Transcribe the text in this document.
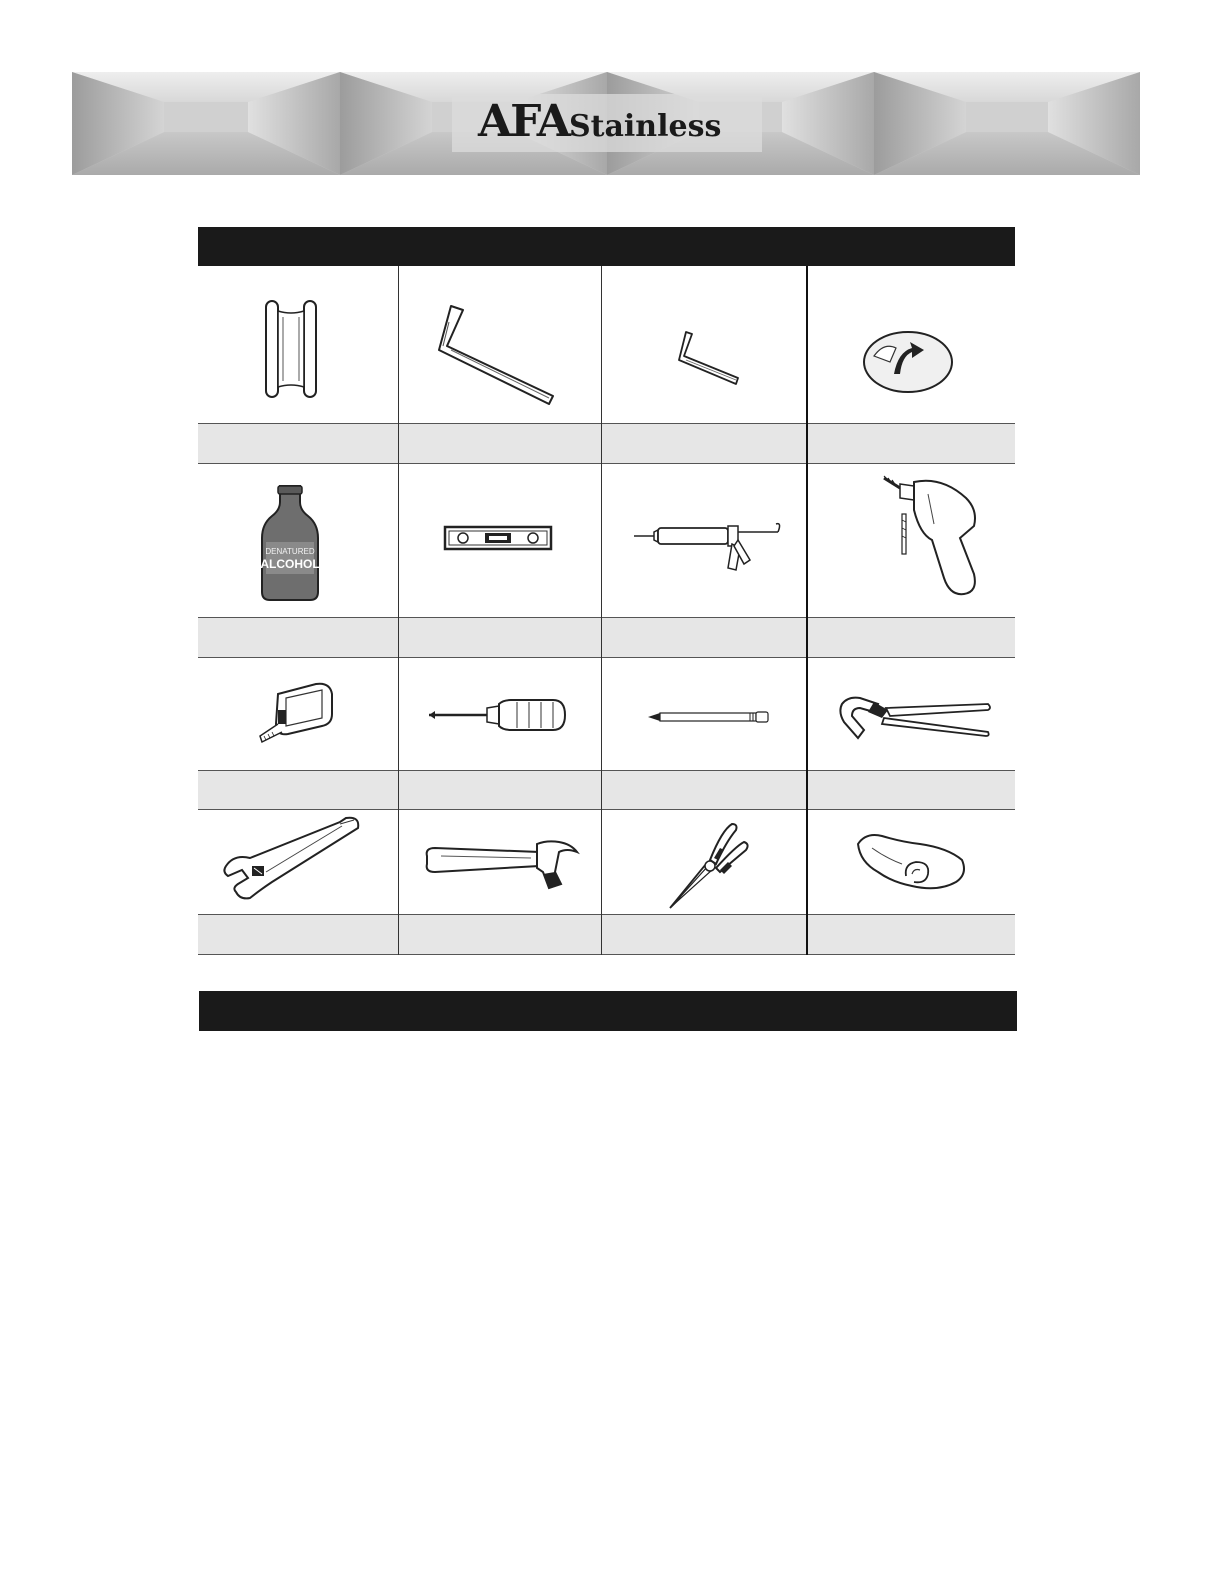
AFAStainless
DENATURED
ALCOHOL
